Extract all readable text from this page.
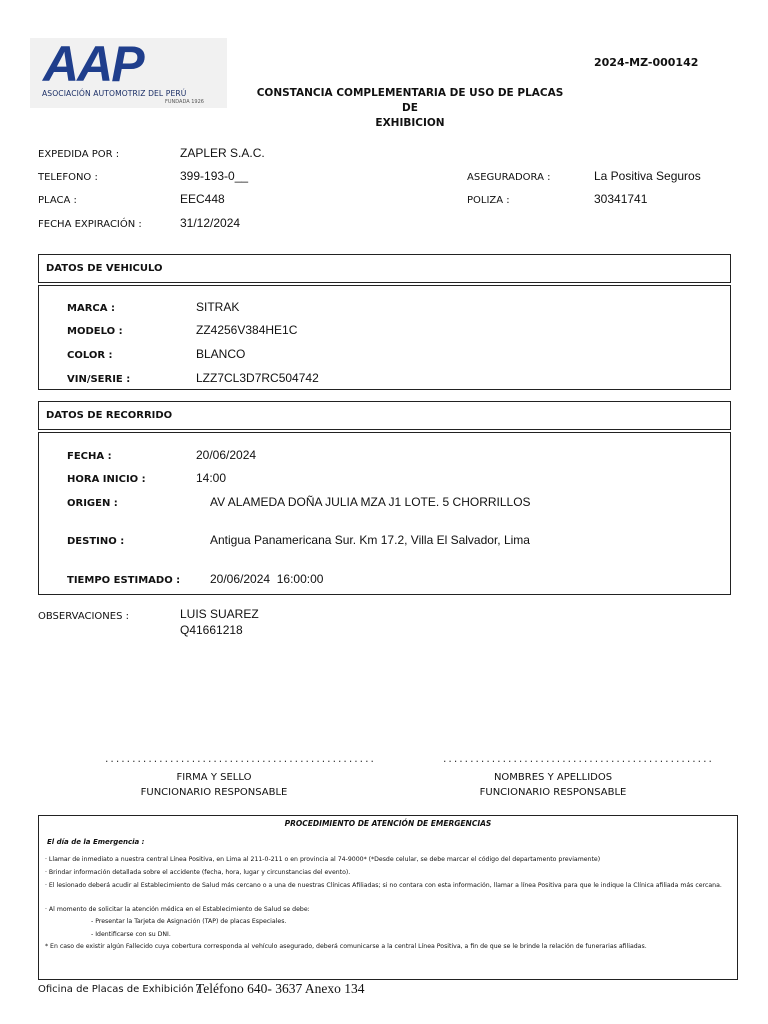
AAP
ASOCIACIÓN AUTOMOTRIZ DEL PERÚ
FUNDADA 1926
2024-MZ-000142
CONSTANCIA COMPLEMENTARIA DE USO DE PLACAS DE
EXHIBICION
EXPEDIDA POR :	ZAPLER S.A.C.
TELEFONO :	399-193-0__
PLACA :	EEC448
FECHA EXPIRACIÓN :	31/12/2024
ASEGURADORA :	La Positiva Seguros
POLIZA :	30341741
DATOS DE VEHICULO
MARCA :	SITRAK
MODELO :	ZZ4256V384HE1C
COLOR :	BLANCO
VIN/SERIE :	LZZ7CL3D7RC504742
DATOS DE RECORRIDO
FECHA :	20/06/2024
HORA INICIO :	14:00
ORIGEN :	AV ALAMEDA DOÑA JULIA MZA J1 LOTE. 5 CHORRILLOS
DESTINO :	Antigua Panamericana Sur. Km 17.2, Villa El Salvador, Lima
TIEMPO ESTIMADO : 20/06/2024  16:00:00
OBSERVACIONES :	LUIS SUAREZ
Q41661218
..................................................	..................................................
FIRMA Y SELLO
FUNCIONARIO RESPONSABLE
NOMBRES Y APELLIDOS
FUNCIONARIO RESPONSABLE
PROCEDIMIENTO DE ATENCIÓN DE EMERGENCIAS
El día de la Emergencia :
· Llamar de inmediato a nuestra central Línea Positiva, en Lima al 211-0-211 o en provincia al 74-9000* (*Desde celular, se debe marcar el código del departamento previamente)
· Brindar información detallada sobre el accidente (fecha, hora, lugar y circunstancias del evento).
· El lesionado deberá acudir al Establecimiento de Salud más cercano o a una de nuestras Clínicas Afiliadas; si no contara con esta información, llamar a línea Positiva para que le indique la Clínica afiliada más cercana.
· Al momento de solicitar la atención médica en el Establecimiento de Salud se debe:
- Presentar la Tarjeta de Asignación (TAP) de placas Especiales.
- Identificarse con su DNI.
* En caso de existir algún Fallecido cuya cobertura corresponda al vehículo asegurado, deberá comunicarse a la central Línea Positiva, a fin de que se le brinde la relación de funerarias afiliadas.
Oficina de Placas de Exhibición /
Teléfono 640- 3637 Anexo 134
